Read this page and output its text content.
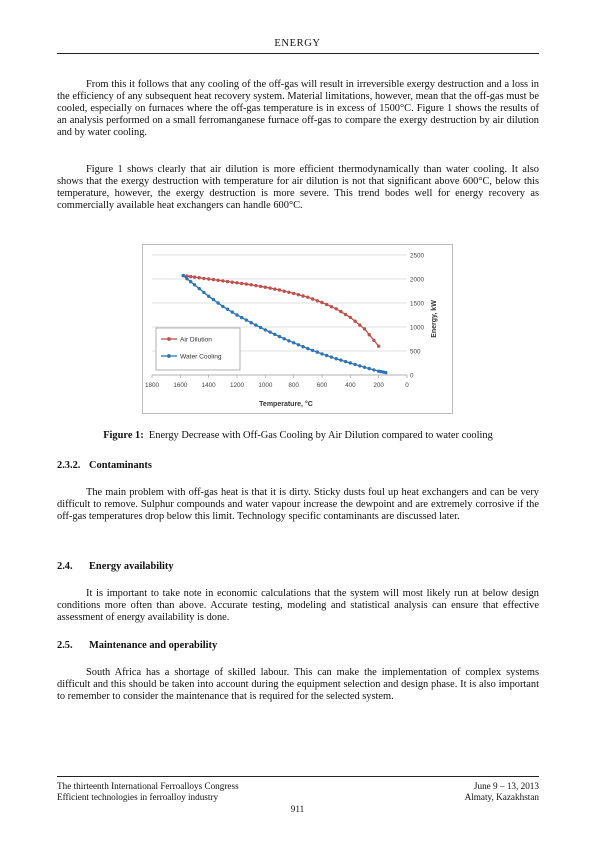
ENERGY

From this it follows that any cooling of the off-gas will result in irreversible exergy destruction and a loss in the efficiency of any subsequent heat recovery system. Material limitations, however, mean that the off-gas must be cooled, especially on furnaces where the off-gas temperature is in excess of 1500°C. Figure 1 shows the results of an analysis performed on a small ferromanganese furnace off-gas to compare the exergy destruction by air dilution and by water cooling.

Figure 1 shows clearly that air dilution is more efficient thermodynamically than water cooling. It also shows that the exergy destruction with temperature for air dilution is not that significant above 600°C, below this temperature, however, the exergy destruction is more severe. This trend bodes well for energy recovery as commercially available heat exchangers can handle 600°C.

0
500
1000
1500
2000
2500
1800 1600 1400 1200 1000	800	600	400	200	0
Air Dilution
Water Cooling
Temperature, °C
Energy, kW
Figure 1: Energy Decrease with Off-Gas Cooling by Air Dilution compared to water cooling
2.3.2. Contaminants

The main problem with off-gas heat is that it is dirty. Sticky dusts foul up heat exchangers and can be very difficult to remove. Sulphur compounds and water vapour increase the dewpoint and are extremely corrosive if the off-gas temperatures drop below this limit. Technology specific contaminants are discussed later.

2.4. Energy availability

It is important to take note in economic calculations that the system will most likely run at below design conditions more often than above. Accurate testing, modeling and statistical analysis can ensure that effective assessment of energy availability is done.

2.5. Maintenance and operability

South Africa has a shortage of skilled labour. This can make the implementation of complex systems difficult and this should be taken into account during the equipment selection and design phase. It is also important to remember to consider the maintenance that is required for the selected system.

The thirteenth International Ferroalloys Congress
Efficient technologies in ferroalloy industry
June 9 – 13, 2013
Almaty, Kazakhstan
911
